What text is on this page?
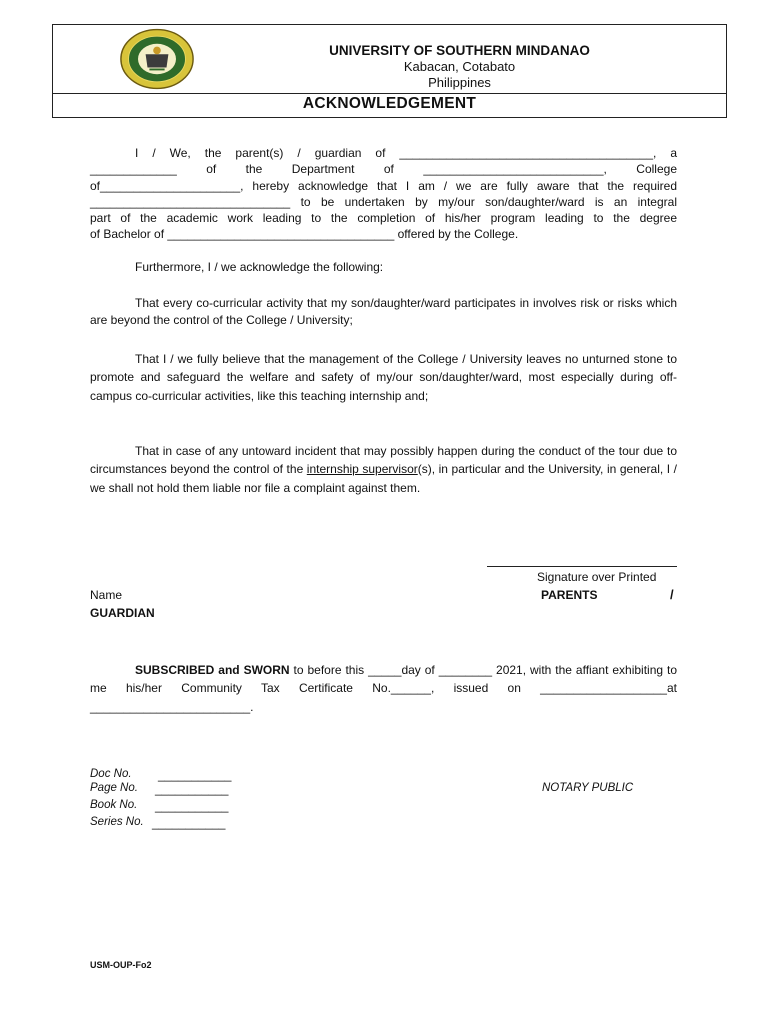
UNIVERSITY OF SOUTHERN MINDANAO
Kabacan, Cotabato
Philippines
ACKNOWLEDGEMENT
I / We, the parent(s) / guardian of ______________________________________, a
_____________ of the Department of ___________________________, College
of_____________________, hereby acknowledge that I am / we are fully aware that the required
______________________________ to be undertaken by my/our son/daughter/ward is an integral
part of the academic work leading to the completion of his/her program leading to the degree
of Bachelor of __________________________________ offered by the College.
Furthermore, I / we acknowledge the following:
That every co-curricular activity that my son/daughter/ward participates in involves risk or risks which are beyond the control of the College / University;
That I / we fully believe that the management of the College / University leaves no unturned stone to promote and safeguard the welfare and safety of my/our son/daughter/ward, most especially during off-campus co-curricular activities, like this teaching internship and;
That in case of any untoward incident that may possibly happen during the conduct of the tour due to circumstances beyond the control of the internship supervisor(s), in particular and the University, in general, I / we shall not hold them liable nor file a complaint against them.
Signature over Printed
Name	PARENTS	/
GUARDIAN
SUBSCRIBED and SWORN to before this _____day of ________ 2021, with the affiant exhibiting to me his/her Community Tax Certificate No.______, issued on ___________________at ________________________.
Doc No. ___________
Page No. ___________
Book No. ___________
Series No. ___________
NOTARY PUBLIC
USM-OUP-Fo2
